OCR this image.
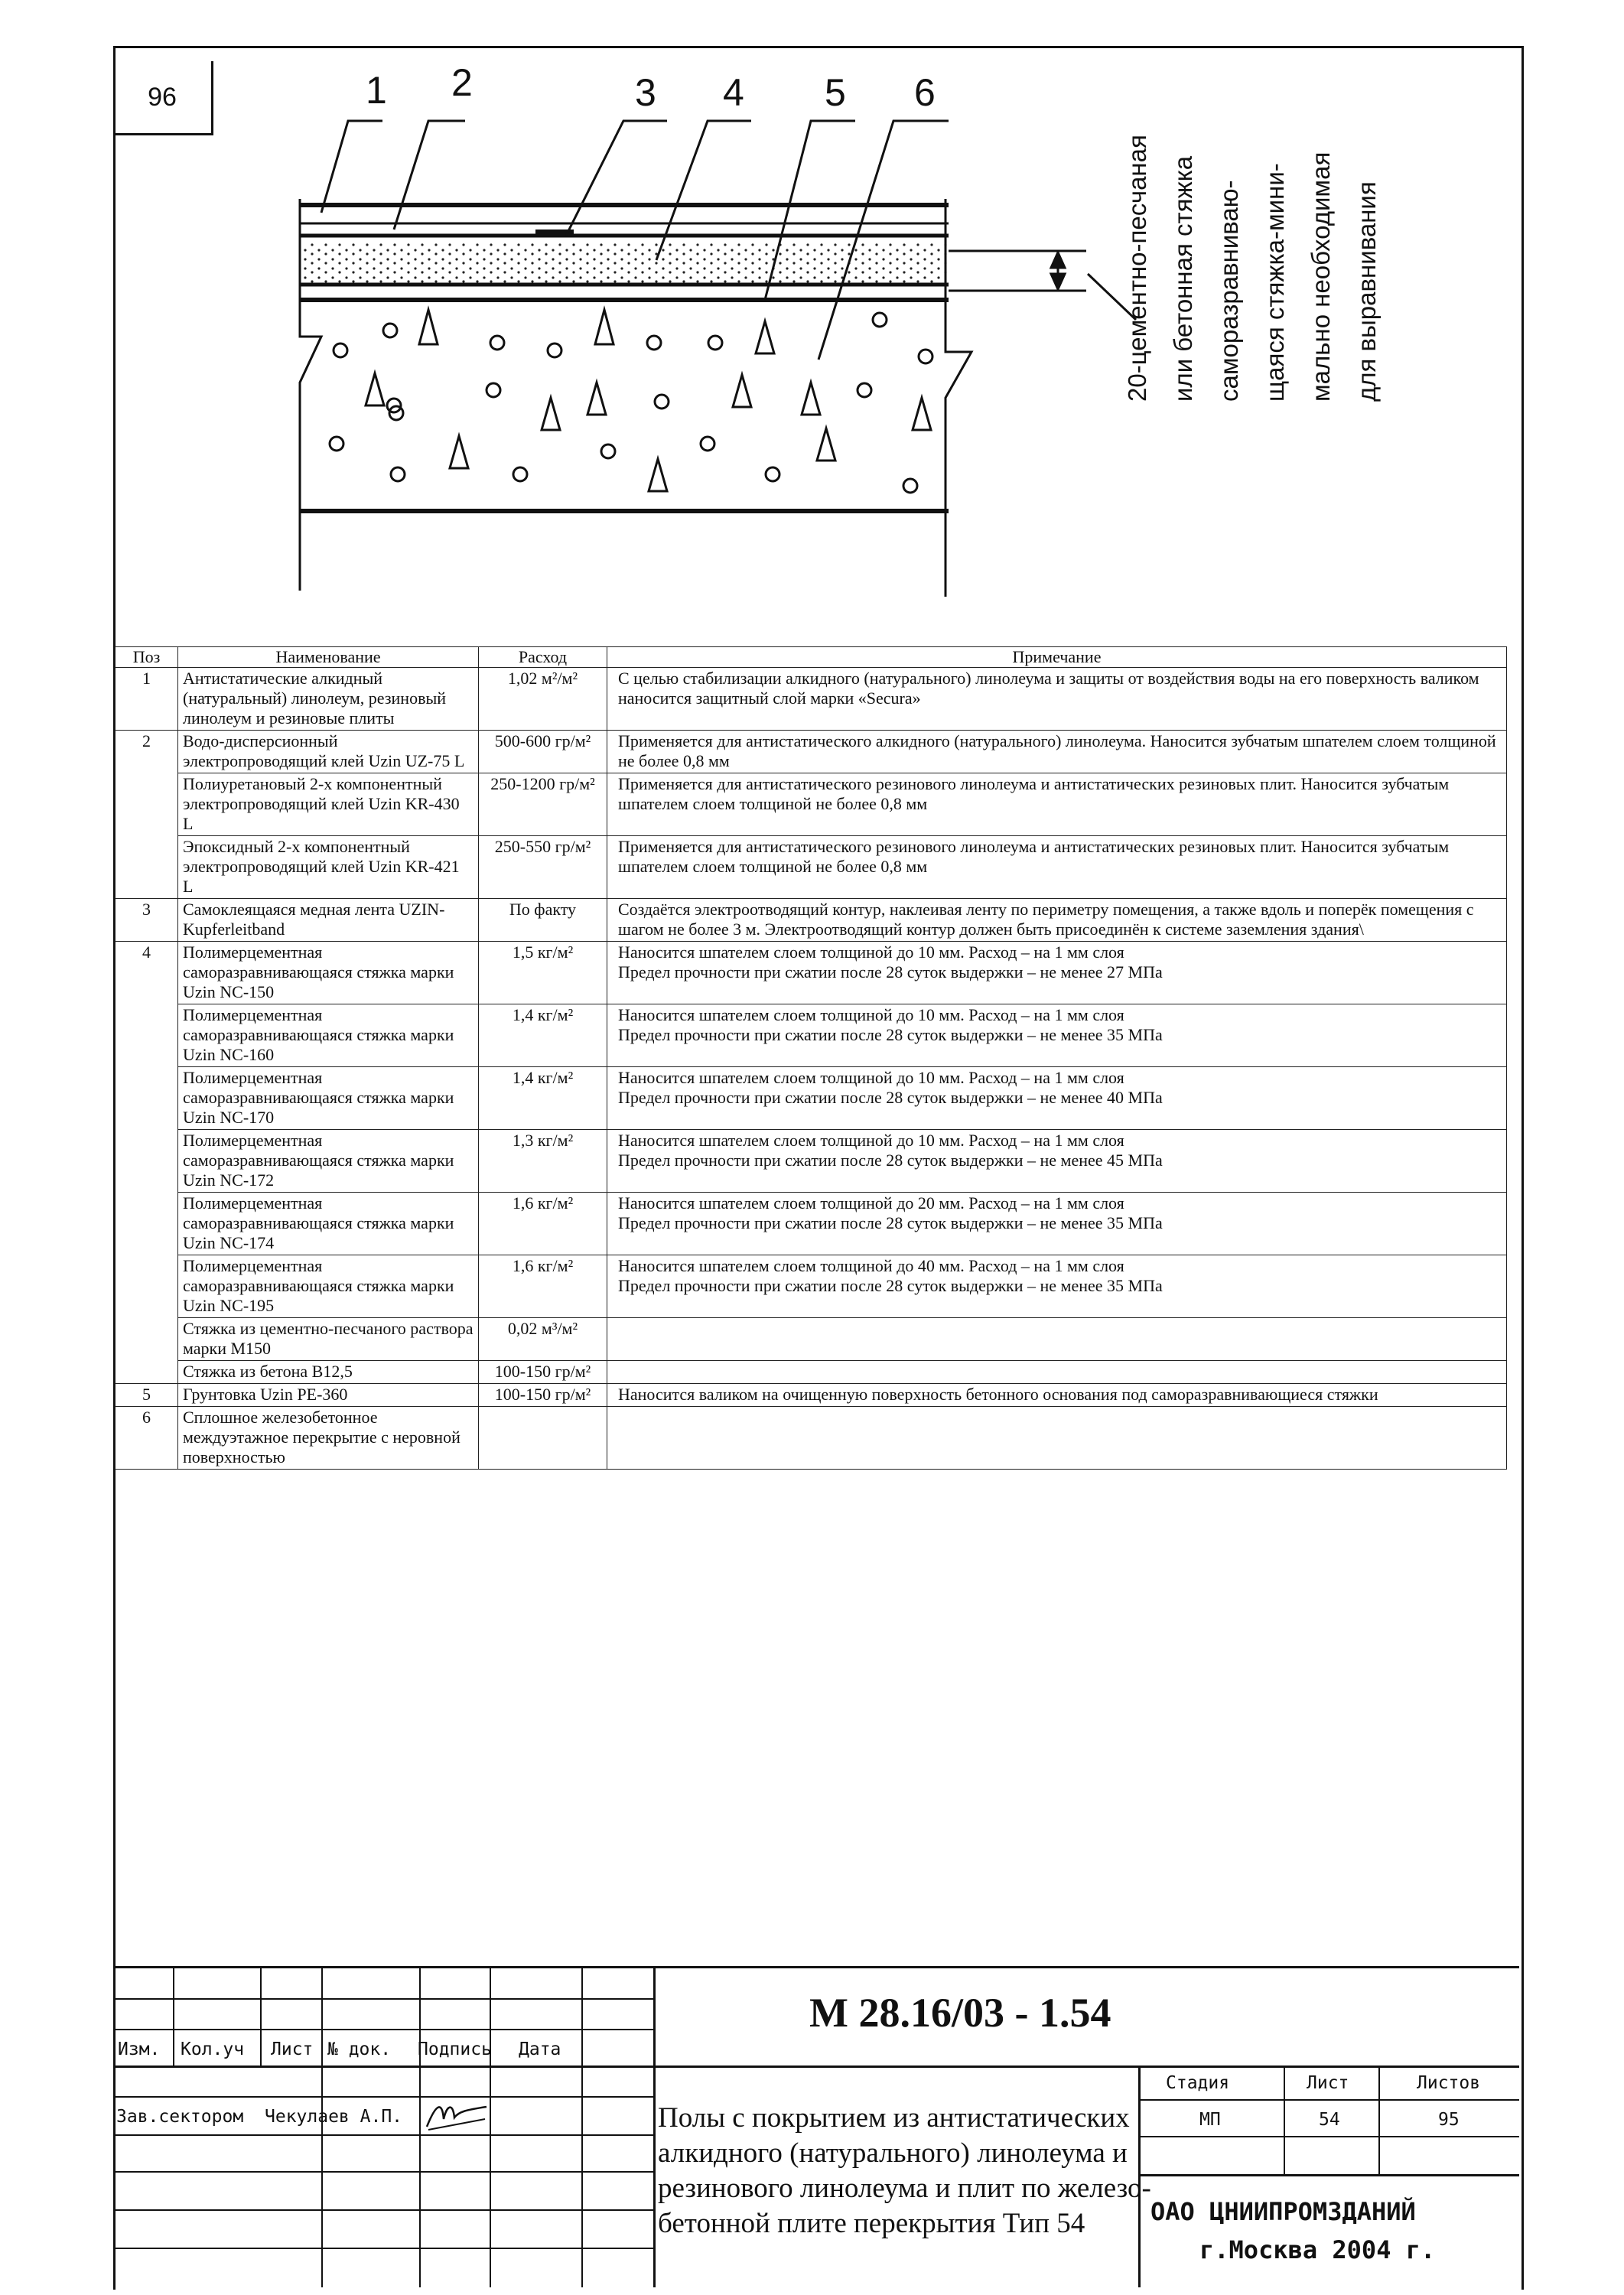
96	1 2	3 4 5 6
20-цементно-песчаная или бетонная стяжка саморазравниваю- щаяся стяжка-мини- мально необходимая для выравнивания
Поз	Наименование	Расход	Примечание
1	Антистатические алкидный (натуральный) линолеум, резиновый линолеум и резиновые плиты	1,02 м²/м²	С целью стабилизации алкидного (натурального) линолеума и защиты от воздействия воды на его поверхность валиком наносится защитный слой марки «Secura»
2	Водо-дисперсионный электропроводящий клей Uzin UZ-75 L	500-600 гр/м²	Применяется для антистатического алкидного (натурального) линолеума. Наносится зубчатым шпателем слоем толщиной не более 0,8 мм
	Полиуретановый 2-х компонентный электропроводящий клей Uzin KR-430 L	250-1200 гр/м²	Применяется для антистатического резинового линолеума и антистатических резиновых плит. Наносится зубчатым шпателем слоем толщиной не более 0,8 мм
	Эпоксидный 2-х компонентный электропроводящий клей Uzin KR-421 L	250-550 гр/м²	Применяется для антистатического резинового линолеума и антистатических резиновых плит. Наносится зубчатым шпателем слоем толщиной не более 0,8 мм
3	Самоклеящаяся медная лента UZIN-Kupferleitband	По факту	Создаётся электроотводящий контур, наклеивая ленту по периметру помещения, а также вдоль и поперёк помещения с шагом не более 3 м. Электроотводящий контур должен быть присоединён к системе заземления здания\
4	Полимерцементная саморазравнивающаяся стяжка марки Uzin NC-150	1,5 кг/м²	Наносится шпателем слоем толщиной до 10 мм. Расход – на 1 мм слоя
Предел прочности при сжатии после 28 суток выдержки – не менее 27 МПа
	Полимерцементная саморазравнивающаяся стяжка марки Uzin NC-160	1,4 кг/м²	Наносится шпателем слоем толщиной до 10 мм. Расход – на 1 мм слоя
Предел прочности при сжатии после 28 суток выдержки – не менее 35 МПа
	Полимерцементная саморазравнивающаяся стяжка марки Uzin NC-170	1,4 кг/м²	Наносится шпателем слоем толщиной до 10 мм. Расход – на 1 мм слоя
Предел прочности при сжатии после 28 суток выдержки – не менее 40 МПа
	Полимерцементная саморазравнивающаяся стяжка марки Uzin NC-172	1,3 кг/м²	Наносится шпателем слоем толщиной до 10 мм. Расход – на 1 мм слоя
Предел прочности при сжатии после 28 суток выдержки – не менее 45 МПа
	Полимерцементная саморазравнивающаяся стяжка марки Uzin NC-174	1,6 кг/м²	Наносится шпателем слоем толщиной до 20 мм. Расход – на 1 мм слоя
Предел прочности при сжатии после 28 суток выдержки – не менее 35 МПа
	Полимерцементная саморазравнивающаяся стяжка марки Uzin NC-195	1,6 кг/м²	Наносится шпателем слоем толщиной до 40 мм. Расход – на 1 мм слоя
Предел прочности при сжатии после 28 суток выдержки – не менее 35 МПа
	Стяжка из цементно-песчаного раствора марки М150	0,02 м³/м²	
	Стяжка из бетона В12,5	100-150 гр/м²	
5	Грунтовка Uzin PE-360	100-150 гр/м²	Наносится валиком на очищенную поверхность бетонного основания под саморазравнивающиеся стяжки
6	Сплошное железобетонное междуэтажное перекрытие с неровной поверхностью		
М 28.16/03 - 1.54
Изм. Кол.уч Лист № док. Подпись Дата
Зав.сектором Чекулаев А.П.	Полы с покрытием из антистатических
алкидного (натурального) линолеума и
резинового линолеума и плит по железо-
бетонной плите перекрытия Тип 54
Стадия	Лист	Листов
МП	54	95
ОАО ЦНИИПРОМЗДАНИЙ
г.Москва 2004 г.
